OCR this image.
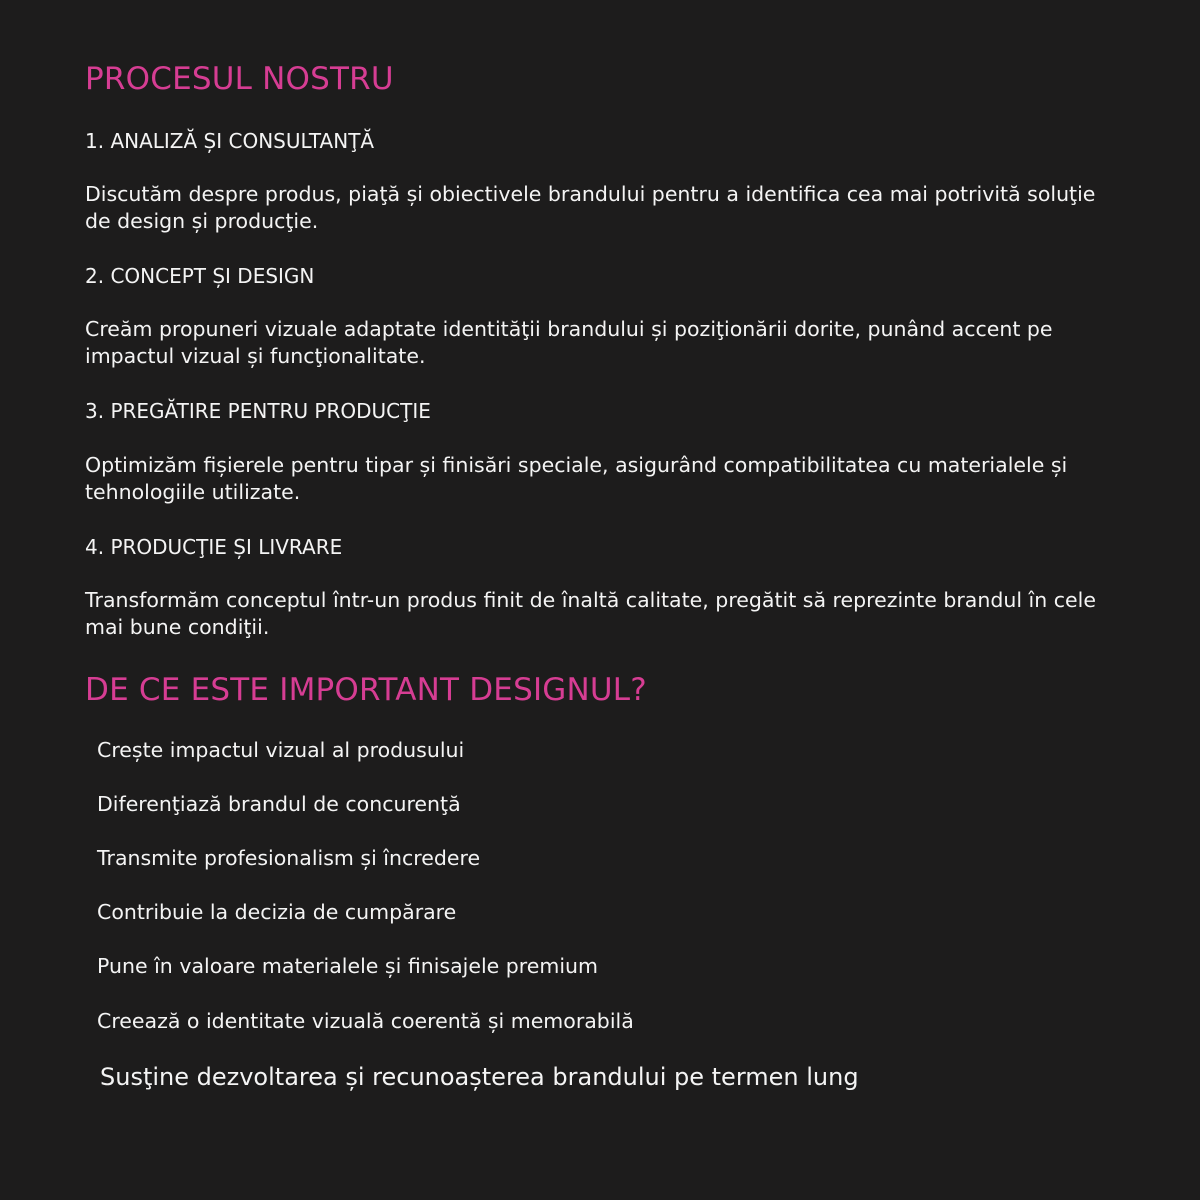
PROCESUL NOSTRU
1. ANALIZĂ ȘI CONSULTANŢĂ

Discutăm despre produs, piaţă și obiectivele brandului pentru a identifica cea mai potrivită soluţie de design și producţie.

2. CONCEPT ȘI DESIGN

Creăm propuneri vizuale adaptate identităţii brandului și poziţionării dorite, punând accent pe impactul vizual și funcţionalitate.

3. PREGĂTIRE PENTRU PRODUCŢIE

Optimizăm fișierele pentru tipar și finisări speciale, asigurând compatibilitatea cu materialele și tehnologiile utilizate.

4. PRODUCŢIE ȘI LIVRARE

Transformăm conceptul într-un produs finit de înaltă calitate, pregătit să reprezinte brandul în cele mai bune condiţii.

DE CE ESTE IMPORTANT DESIGNUL?
Crește impactul vizual al produsului
Diferenţiază brandul de concurenţă
Transmite profesionalism și încredere
Contribuie la decizia de cumpărare
Pune în valoare materialele și finisajele premium
Creează o identitate vizuală coerentă și memorabilă
Susţine dezvoltarea și recunoașterea brandului pe termen lung
